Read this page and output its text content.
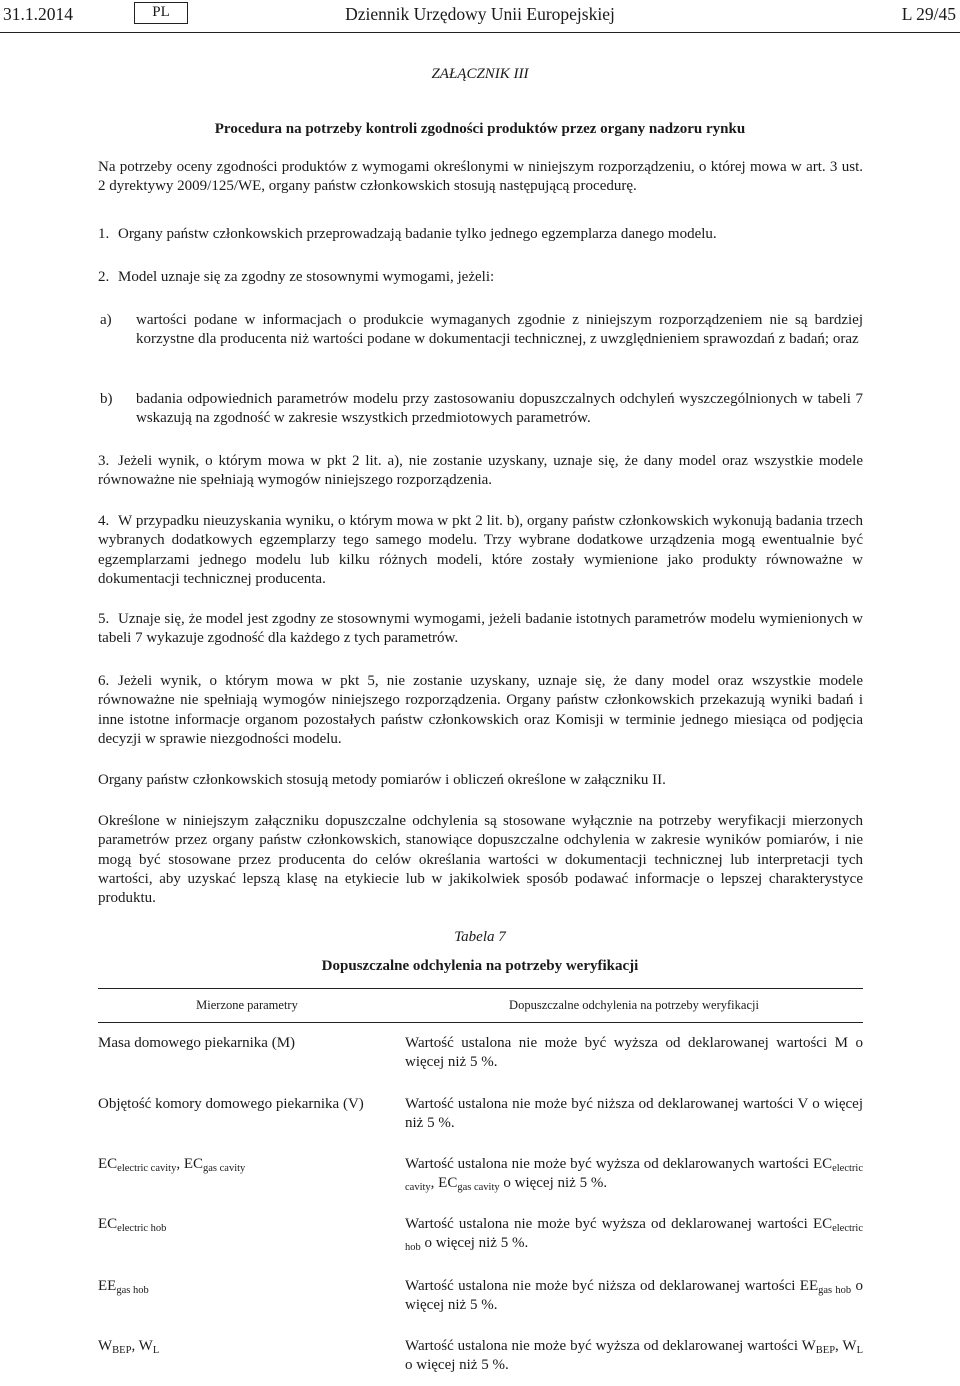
31.1.2014	Dziennik Urzędowy Unii Europejskiej
PL	L 29/45
ZAŁĄCZNIK III
Procedura na potrzeby kontroli zgodności produktów przez organy nadzoru rynku
Na potrzeby oceny zgodności produktów z wymogami określonymi w niniejszym rozporządzeniu, o której mowa w art. 3 ust. 2 dyrektywy 2009/125/WE, organy państw członkowskich stosują następującą procedurę.
1. Organy państw członkowskich przeprowadzają badanie tylko jednego egzemplarza danego modelu.
2. Model uznaje się za zgodny ze stosownymi wymogami, jeżeli:
a) wartości podane w informacjach o produkcie wymaganych zgodnie z niniejszym rozporządzeniem nie są bardziej korzystne dla producenta niż wartości podane w dokumentacji technicznej, z uwzględnieniem sprawozdań z badań; oraz
b) badania odpowiednich parametrów modelu przy zastosowaniu dopuszczalnych odchyleń wyszczególnionych w tabeli 7 wskazują na zgodność w zakresie wszystkich przedmiotowych parametrów.
3. Jeżeli wynik, o którym mowa w pkt 2 lit. a), nie zostanie uzyskany, uznaje się, że dany model oraz wszystkie modele równoważne nie spełniają wymogów niniejszego rozporządzenia.
4. W przypadku nieuzyskania wyniku, o którym mowa w pkt 2 lit. b), organy państw członkowskich wykonują badania trzech wybranych dodatkowych egzemplarzy tego samego modelu. Trzy wybrane dodatkowe urządzenia mogą ewentualnie być egzemplarzami jednego modelu lub kilku różnych modeli, które zostały wymienione jako produkty równoważne w dokumentacji technicznej producenta.
5. Uznaje się, że model jest zgodny ze stosownymi wymogami, jeżeli badanie istotnych parametrów modelu wymienionych w tabeli 7 wykazuje zgodność dla każdego z tych parametrów.
6. Jeżeli wynik, o którym mowa w pkt 5, nie zostanie uzyskany, uznaje się, że dany model oraz wszystkie modele równoważne nie spełniają wymogów niniejszego rozporządzenia. Organy państw członkowskich przekazują wyniki badań i inne istotne informacje organom pozostałych państw członkowskich oraz Komisji w terminie jednego miesiąca od podjęcia decyzji w sprawie niezgodności modelu.
Organy państw członkowskich stosują metody pomiarów i obliczeń określone w załączniku II.
Określone w niniejszym załączniku dopuszczalne odchylenia są stosowane wyłącznie na potrzeby weryfikacji mierzonych parametrów przez organy państw członkowskich, stanowiące dopuszczalne odchylenia w zakresie wyników pomiarów, i nie mogą być stosowane przez producenta do celów określania wartości w dokumentacji technicznej lub interpretacji tych wartości, aby uzyskać lepszą klasę na etykiecie lub w jakikolwiek sposób podawać informacje o lepszej charakterystyce produktu.
Tabela 7
Dopuszczalne odchylenia na potrzeby weryfikacji
Mierzone parametry	Dopuszczalne odchylenia na potrzeby weryfikacji
Masa domowego piekarnika (M)	Wartość ustalona nie może być wyższa od deklarowanej wartości M o więcej niż 5 %.
Objętość komory domowego piekarnika (V)	Wartość ustalona nie może być niższa od deklarowanej wartości V o więcej niż 5 %.
$EC_{electric cavity}$, $EC_{gas cavity}$	Wartość ustalona nie może być wyższa od deklarowanych wartości $EC_{electric cavity}$, $EC_{gas cavity}$ o więcej niż 5 %.
$EC_{electric hob}$	Wartość ustalona nie może być wyższa od deklarowanej wartości $EC_{electric hob}$ o więcej niż 5 %.
$EE_{gas hob}$	Wartość ustalona nie może być niższa od deklarowanej wartości $EE_{gas hob}$ o więcej niż 5 %.
$W_{BEP}$, $W_L$	Wartość ustalona nie może być wyższa od deklarowanej wartości $W_{BEP}$, $W_L$ o więcej niż 5 %.
